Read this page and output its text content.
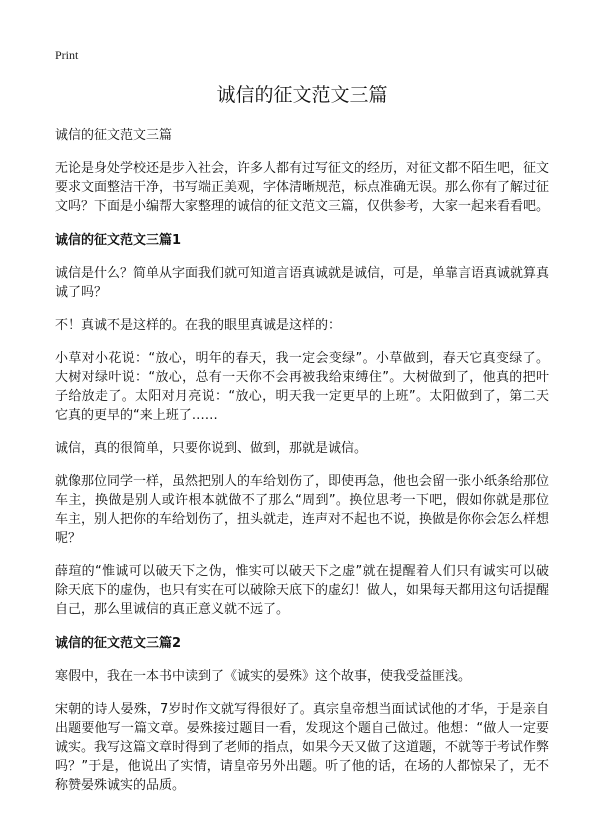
Print
诚信的征文范文三篇
诚信的征文范文三篇

无论是身处学校还是步入社会，许多人都有过写征文的经历，对征文都不陌生吧，征文要求文面整洁干净，书写端正美观，字体清晰规范，标点准确无误。那么你有了解过征文吗？下面是小编帮大家整理的诚信的征文范文三篇，仅供参考，大家一起来看看吧。

诚信的征文范文三篇1

诚信是什么？简单从字面我们就可知道言语真诚就是诚信，可是，单靠言语真诚就算真诚了吗？

不！真诚不是这样的。在我的眼里真诚是这样的：

小草对小花说：“放心，明年的春天，我一定会变绿”。小草做到，春天它真变绿了。大树对绿叶说：“放心，总有一天你不会再被我给束缚住”。大树做到了，他真的把叶子给放走了。太阳对月亮说：“放心，明天我一定更早的上班”。太阳做到了，第二天它真的更早的“来上班了……

诚信，真的很简单，只要你说到、做到，那就是诚信。

就像那位同学一样，虽然把别人的车给划伤了，即使再急，他也会留一张小纸条给那位车主，换做是别人或许根本就做不了那么“周到”。换位思考一下吧，假如你就是那位车主，别人把你的车给划伤了，扭头就走，连声对不起也不说，换做是你你会怎么样想呢？

薛瑄的“惟诚可以破天下之伪，惟实可以破天下之虚”就在提醒着人们只有诚实可以破除天底下的虚伪，也只有实在可以破除天底下的虚幻！做人，如果每天都用这句话提醒自己，那么里诚信的真正意义就不远了。

诚信的征文范文三篇2

寒假中，我在一本书中读到了《诚实的晏殊》这个故事，使我受益匪浅。

宋朝的诗人晏殊，7岁时作文就写得很好了。真宗皇帝想当面试试他的才华，于是亲自出题要他写一篇文章。晏殊接过题目一看，发现这个题自己做过。他想：“做人一定要诚实。我写这篇文章时得到了老师的指点，如果今天又做了这道题，不就等于考试作弊吗？”于是，他说出了实情，请皇帝另外出题。听了他的话，在场的人都惊呆了，无不称赞晏殊诚实的品质。
